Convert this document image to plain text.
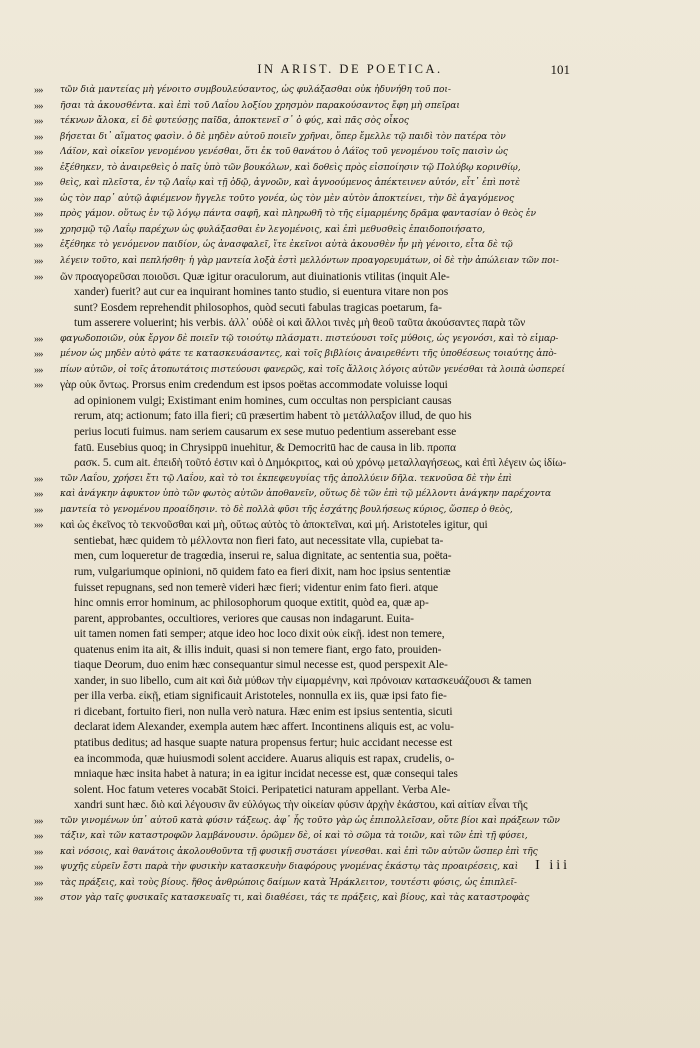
IN ARIST. DE POETICA.	101
»»	τῶν διὰ μαντείας μὴ γένοιτο συμβουλεύσαντος, ὡς φυλάξασθαι οὐκ ἠδυνήθη τοῦ ποι-
»»	ῆσαι τὰ ἀκουσθέντα. καὶ ἐπὶ τοῦ Λαΐου λοξίου χρησμὸν παρακούσαντος ἔφη μὴ σπεῖραι
»»	τέκνων ἄλοκα, εἰ δὲ φυτεύσῃς παῖδα, ἀποκτενεῖ σ᾽ ὁ φύς, καὶ πᾶς σὸς οἶκος
»»	βήσεται δι᾽ αἵματος φασὶν. ὁ δὲ μηδὲν αὐτοῦ ποιεῖν χρῆναι, ὅπερ ἔμελλε τῷ παιδὶ τὸν πατέρα τὸν
»»	Λάϊον, καὶ οἰκεῖον γενομένου γενέσθαι, ὅτι ἐκ τοῦ θανάτου ὁ Λάϊος τοῦ γενομένου τοῖς παισὶν ὡς
»»	ἐξέθηκεν, τὸ ἀναιρεθεὶς ὁ παῖς ὑπὸ τῶν βουκόλων, καὶ δοθεὶς πρὸς εἰσποίησιν τῷ Πολύβῳ κορινθίῳ,
»»	θεὶς, καὶ πλεῖστα, ἐν τῷ Λαΐῳ καὶ τῇ ὁδῷ, ἀγνοῶν, καὶ ἀγνοούμενος ἀπέκτεινεν αὐτόν, εἶτ᾽ ἐπὶ ποτὲ
»»	ὡς τὸν παρ᾽ αὐτῷ ἀφιέμενον ἤγγελε τοῦτο γονέα, ὡς τὸν μὲν αὐτὸν ἀποκτείνει, τὴν δὲ ἀγαγόμενος
»»	πρὸς γάμον. οὕτως ἐν τῷ λόγῳ πάντα σαφῆ, καὶ πληρωθῆ τὸ τῆς εἱμαρμένης δρᾶμα φαντασίαν ὁ θεὸς ἐν
»»	χρησμῷ τῷ Λαΐῳ παρέχων ὡς φυλάξασθαι ἐν λεγομένοις, καὶ ἐπὶ μεθυσθεὶς ἐπαιδοποιήσατο,
»»	ἐξέθηκε τὸ γενόμενον παιδίον, ὡς ἀνασφαλεῖ, ἵτε ἐκεῖνοι αὐτὰ ἀκουσθὲν ἦν μὴ γένοιτο, εἶτα δὲ τῷ
»»	λέγειν τοῦτο, καὶ πεπλήσθη· ἡ γὰρ μαντεία λοξὰ ἐστὶ μελλόντων προαγορευμάτων, οἱ δὲ τὴν ἀπώλειαν τῶν ποι-
»»	ῶν προαγορεῦσαι ποιοῦσι. Quæ igitur oraculorum, aut diuinationis vtilitas (inquit Ale-
xander) fuerit? aut cur ea inquirant homines tanto studio, si euentura vitare non pos
sunt? Eosdem reprehendit philosophos, quòd secuti fabulas tragicas poetarum, fa-
tum asserere voluerint; his verbis. ἀλλ᾽ οὐδὲ οἱ καὶ ἄλλοι τινὲς μὴ θεοῦ ταῦτα ἀκούσαντες παρὰ τῶν
»»	φαγωδοποιῶν, οὐκ ἔργον δὲ ποιεῖν τῷ τοιούτῳ πλάσματι. πιστεύουσι τοῖς μύθοις, ὡς γεγονόσι, καὶ τὸ εἱμαρ-
»»	μένον ὡς μηδὲν αὐτὸ φάτε τε κατασκευάσαντες, καὶ τοῖς βιβλίοις ἀναιρεθέντι τῆς ὑποθέσεως τοιαύτης ἀπὸ-
»»	πίων αὐτῶν, οἱ τοῖς ἀτοπωτάτοις πιστεύουσι φανερῶς, καὶ τοῖς ἄλλοις λόγοις αὐτῶν γενέσθαι τὰ λοιπὰ ὡσπερεί
»»	γὰρ οὐκ ὄντως. Prorsus enim credendum est ipsos poëtas accommodate voluisse loqui
ad opinionem vulgi; Existimant enim homines, cum occultas non perspiciant causas
rerum, atq; actionum; fato illa fieri; cū præsertim habent τὸ μετάλλαξον illud, de quo his
perius locuti fuimus. nam seriem causarum ex sese mutuo pedentium asserebant esse
fatū. Eusebius quoq; in Chrysippū inuehitur, & Democritū hac de causa in lib. προπα
ρασκ. 5. cum ait. ἐπειδὴ τοῦτό ἐστιν καὶ ὁ Δημόκριτος, καὶ οὐ χρόνῳ μεταλλαγήσεως, καὶ ἐπὶ λέγειν ὡς ἰδίω-
»»	τῶν Λαΐου, χρήσει ἔτι τῷ Λαΐου, καὶ τὸ τοι ἐκπεφευγυίας τῆς ἀπολλύειν δῆλα. τεκνοῦσα δὲ τὴν ἐπὶ
»»	καὶ ἀνάγκην ἀφυκτον ὑπὸ τῶν φωτὸς αὐτῶν ἀποθανεῖν, οὕτως δὲ τῶν ἐπὶ τῷ μέλλοντι ἀνάγκην παρέχοντα
»»	μαντεία τὸ γενομένου προαίδησιν. τὸ δὲ πολλὰ φῦσι τῆς ἐσχάτης βουλήσεως κύριος, ὥσπερ ὁ θεὸς,
»»	καὶ ὡς ἐκεῖνος τὸ τεκνοῦσθαι καὶ μὴ, οὕτως αὐτὸς τὸ ἀποκτεῖναι, καὶ μή. Aristoteles igitur, qui
sentiebat, hæc quidem τὸ μέλλοντα non fieri fato, aut necessitate vlla, cupiebat ta-
men, cum loqueretur de tragœdia, inserui re, salua dignitate, ac sententia sua, poëta-
rum, vulgariumque opinioni, nō quidem fato ea fieri dixit, nam hoc ipsius sententiæ
fuisset repugnans, sed non temerè videri hæc fieri; videntur enim fato fieri. atque
hinc omnis error hominum, ac philosophorum quoque extitit, quòd ea, quæ ap-
parent, approbantes, occultiores, veriores que causas non indagarunt. Euita-
uit tamen nomen fati semper; atque ideo hoc loco dixit οὐκ εἰκῇ. idest non temere,
quatenus enim ita ait, & illis induit, quasi si non temere fiant, ergo fato, prouiden-
tiaque Deorum, duo enim hæc consequantur simul necesse est, quod perspexit Ale-
xander, in suo libello, cum ait καὶ διὰ μύθων τὴν εἱμαρμένην, καὶ πρόνοιαν κατασκευάζουσι & tamen
per illa verba. εἰκῇ, etiam significauit Aristoteles, nonnulla ex iis, quæ ipsi fato fie-
ri dicebant, fortuito fieri, non nulla verò natura. Hæc enim est ipsius sententia, sicuti
declarat idem Alexander, exempla autem hæc affert. Incontinens aliquis est, ac volu-
ptatibus deditus; ad hasque suapte natura propensus fertur; huic accidant necesse est
ea incommoda, quæ huiusmodi solent accidere. Auarus aliquis est rapax, crudelis, o-
mniaque hæc insita habet à natura; in ea igitur incidat necesse est, quæ consequi tales
solent. Hoc fatum veteres vocabāt Stoici. Peripatetici naturam appellant. Verba Ale-
xandri sunt hæc. διὸ καὶ λέγουσιν ἂν εὐλόγως τὴν οἰκείαν φύσιν ἀρχὴν ἑκάστου, καὶ αἰτίαν εἶναι τῆς
»»	τῶν γινομένων ὑπ᾽ αὐτοῦ κατὰ φύσιν τάξεως. ἀφ᾽ ἧς τοῦτο γὰρ ὡς ἐπιπολλεῖσαν, οὔτε βίοι καὶ πράξεων τῶν
»»	τάξιν, καὶ τῶν καταστροφῶν λαμβάνουσιν. ὁρῶμεν δὲ, οἱ καὶ τὸ σῶμα τὰ τοιῶν, καὶ τῶν ἐπὶ τῇ φύσει,
»»	καὶ νόσοις, καὶ θανάτοις ἀκολουθοῦντα τῇ φυσικῇ συστάσει γίνεσθαι. καὶ ἐπὶ τῶν αὐτῶν ὥσπερ ἐπὶ τῆς
»»	ψυχῆς εὑρεῖν ἔστι παρὰ τὴν φυσικὴν κατασκευὴν διαφόρους γνομένας ἑκάστῳ τὰς προαιρέσεις, καὶ
»»	τὰς πράξεις, καὶ τοὺς βίους. ἤθος ἀνθρώποις δαίμων κατὰ Ἡράκλειτον, τουτέστι φύσις, ὡς ἐπιπλεῖ-
»»	στον γὰρ ταῖς φυσικαῖς κατασκευαῖς τι, καὶ διαθέσει, τάς τε πράξεις, καὶ βίους, καὶ τὰς καταστροφὰς
I iii
